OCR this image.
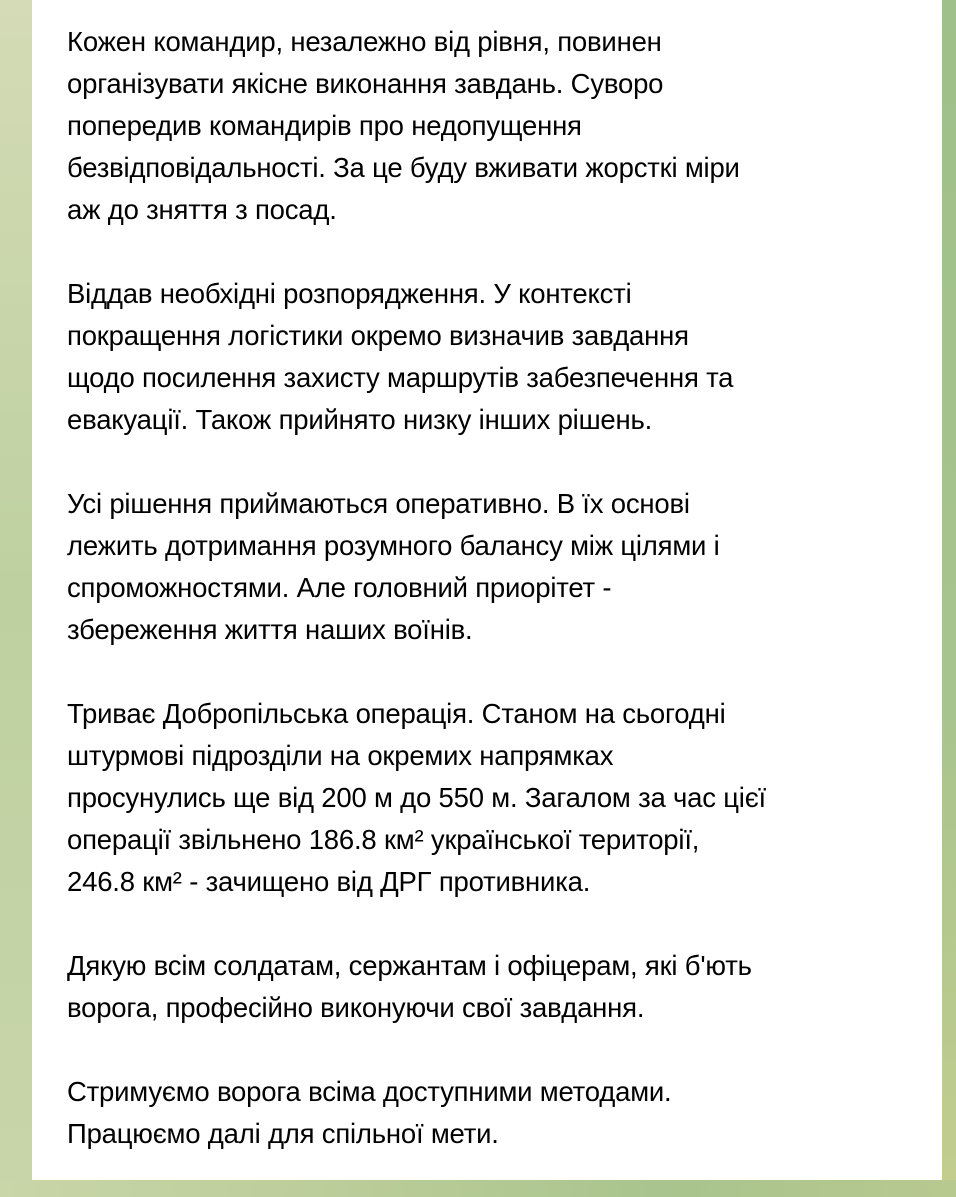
Кожен командир, незалежно від рівня, повинен
організувати якісне виконання завдань. Суворо
попередив командирів про недопущення
безвідповідальності. За це буду вживати жорсткі міри
аж до зняття з посад.
Віддав необхідні розпорядження. У контексті
покращення логістики окремо визначив завдання
щодо посилення захисту маршрутів забезпечення та
евакуації. Також прийнято низку інших рішень.
Усі рішення приймаються оперативно. В їх основі
лежить дотримання розумного балансу між цілями і
спроможностями. Але головний приорітет -
збереження життя наших воїнів.
Триває Добропільська операція. Станом на сьогодні
штурмові підрозділи на окремих напрямках
просунулись ще від 200 м до 550 м. Загалом за час цієї
операції звільнено 186.8 км² української території,
246.8 км² - зачищено від ДРГ противника.
Дякую всім солдатам, сержантам і офіцерам, які б'ють
ворога, професійно виконуючи свої завдання.
Стримуємо ворога всіма доступними методами.
Працюємо далі для спільної мети.
